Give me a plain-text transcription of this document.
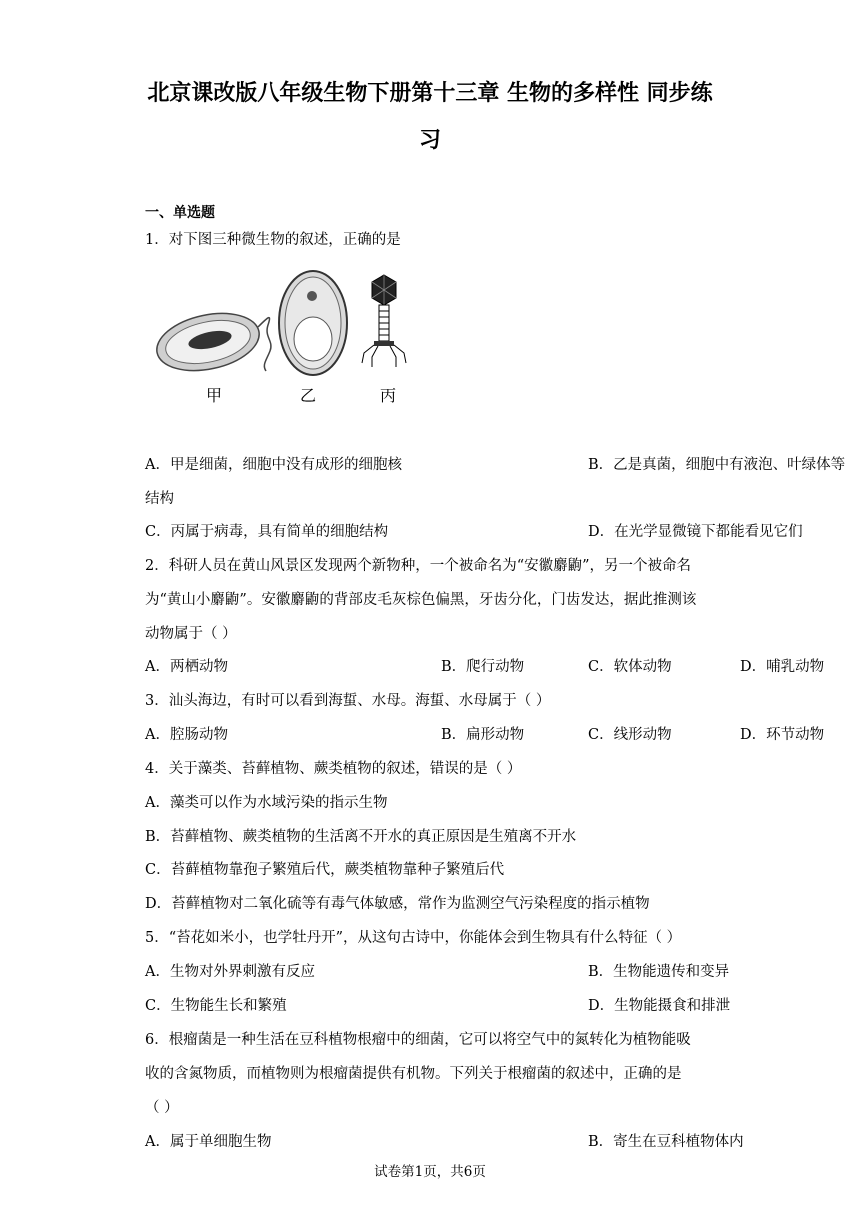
北京课改版八年级生物下册第十三章 生物的多样性 同步练
习
一、单选题
1．对下图三种微生物的叙述，正确的是
甲	乙	丙
A．甲是细菌，细胞中没有成形的细胞核	B．乙是真菌，细胞中有液泡、叶绿体等
结构
C．丙属于病毒，具有简单的细胞结构	D．在光学显微镜下都能看见它们
2．科研人员在黄山风景区发现两个新物种，一个被命名为“安徽麝鼩”，另一个被命名
为“黄山小麝鼩”。安徽麝鼩的背部皮毛灰棕色偏黑，牙齿分化，门齿发达，据此推测该
动物属于（ ）
A．两栖动物	B．爬行动物	C．软体动物	D．哺乳动物
3．汕头海边，有时可以看到海蜇、水母。海蜇、水母属于（ ）
A．腔肠动物	B．扁形动物	C．线形动物	D．环节动物
4．关于藻类、苔藓植物、蕨类植物的叙述，错误的是（ ）
A．藻类可以作为水域污染的指示生物
B．苔藓植物、蕨类植物的生活离不开水的真正原因是生殖离不开水
C．苔藓植物靠孢子繁殖后代，蕨类植物靠种子繁殖后代
D．苔藓植物对二氧化硫等有毒气体敏感，常作为监测空气污染程度的指示植物
5．“苔花如米小，也学牡丹开”，从这句古诗中，你能体会到生物具有什么特征（ ）
A．生物对外界刺激有反应	B．生物能遗传和变异
C．生物能生长和繁殖	D．生物能摄食和排泄
6．根瘤菌是一种生活在豆科植物根瘤中的细菌，它可以将空气中的氮转化为植物能吸
收的含氮物质，而植物则为根瘤菌提供有机物。下列关于根瘤菌的叙述中，正确的是
（ ）
A．属于单细胞生物	B．寄生在豆科植物体内
试卷第1页，共6页
